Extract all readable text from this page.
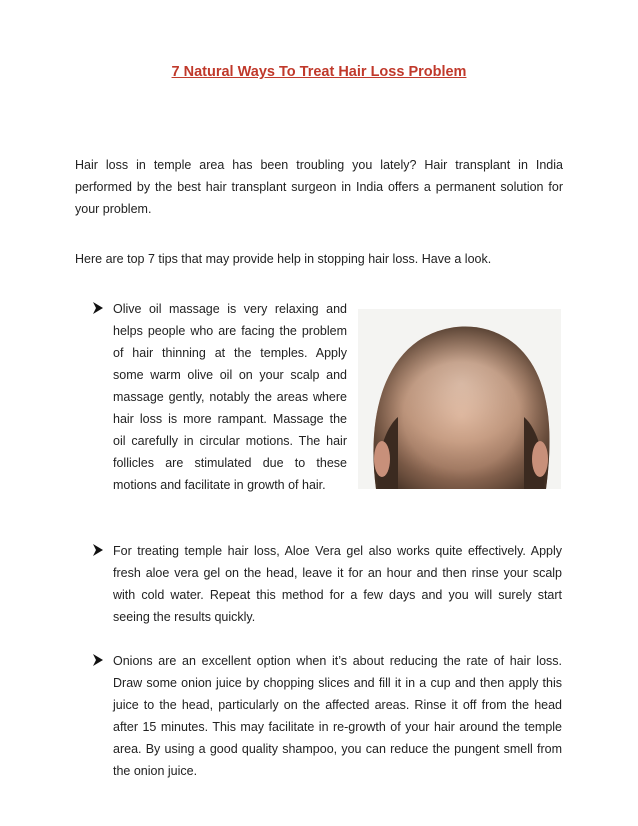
7 Natural Ways To Treat Hair Loss Problem
Hair loss in temple area has been troubling you lately? Hair transplant in India performed by the best hair transplant surgeon in India offers a permanent solution for your problem.
Here are top 7 tips that may provide help in stopping hair loss. Have a look.
Olive oil massage is very relaxing and helps people who are facing the problem of hair thinning at the temples. Apply some warm olive oil on your scalp and massage gently, notably the areas where hair loss is more rampant. Massage the oil carefully in circular motions. The hair follicles are stimulated due to these motions and facilitate in growth of hair.
For treating temple hair loss, Aloe Vera gel also works quite effectively. Apply fresh aloe vera gel on the head, leave it for an hour and then rinse your scalp with cold water. Repeat this method for a few days and you will surely start seeing the results quickly.
Onions are an excellent option when it’s about reducing the rate of hair loss. Draw some onion juice by chopping slices and fill it in a cup and then apply this juice to the head, particularly on the affected areas. Rinse it off from the head after 15 minutes. This may facilitate in re-growth of your hair around the temple area. By using a good quality shampoo, you can reduce the pungent smell from the onion juice.
